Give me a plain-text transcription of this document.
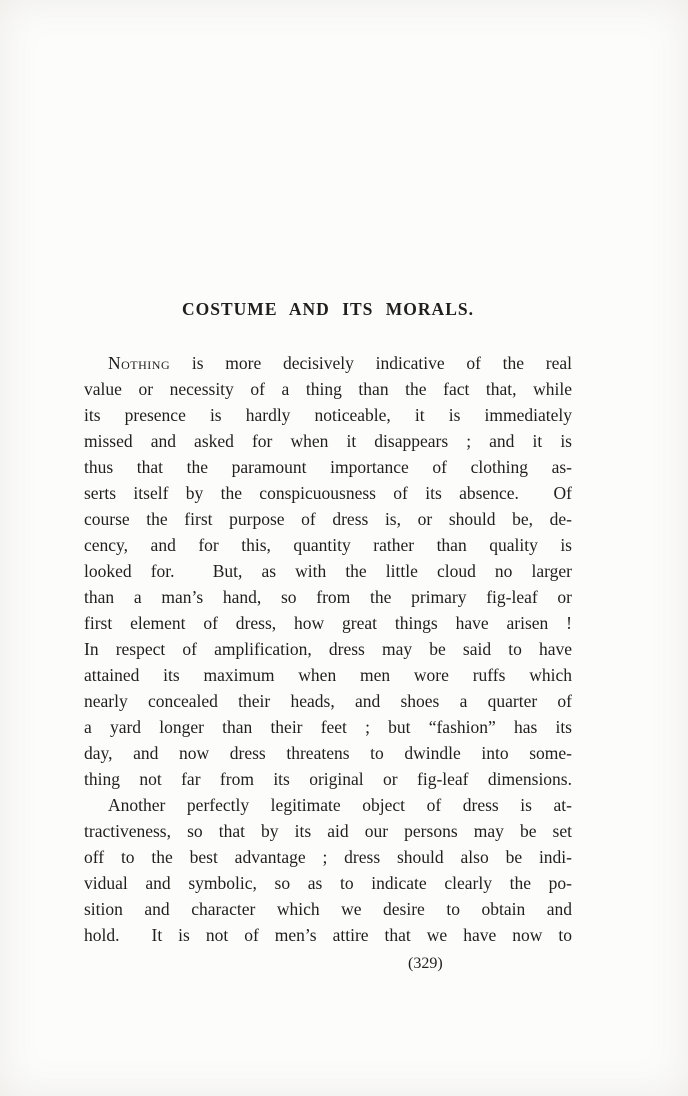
COSTUME AND ITS MORALS.
Nothing is more decisively indicative of the real
value or necessity of a thing than the fact that, while
its presence is hardly noticeable, it is immediately
missed and asked for when it disappears ; and it is
thus that the paramount importance of clothing as-
serts itself by the conspicuousness of its absence.  Of
course the first purpose of dress is, or should be, de-
cency, and for this, quantity rather than quality is
looked for.  But, as with the little cloud no larger
than a man’s hand, so from the primary fig-leaf or
first element of dress, how great things have arisen !
In respect of amplification, dress may be said to have
attained its maximum when men wore ruffs which
nearly concealed their heads, and shoes a quarter of
a yard longer than their feet ; but “fashion” has its
day, and now dress threatens to dwindle into some-
thing not far from its original or fig-leaf dimensions.
Another perfectly legitimate object of dress is at-
tractiveness, so that by its aid our persons may be set
off to the best advantage ; dress should also be indi-
vidual and symbolic, so as to indicate clearly the po-
sition and character which we desire to obtain and
hold.  It is not of men’s attire that we have now to
(329)
